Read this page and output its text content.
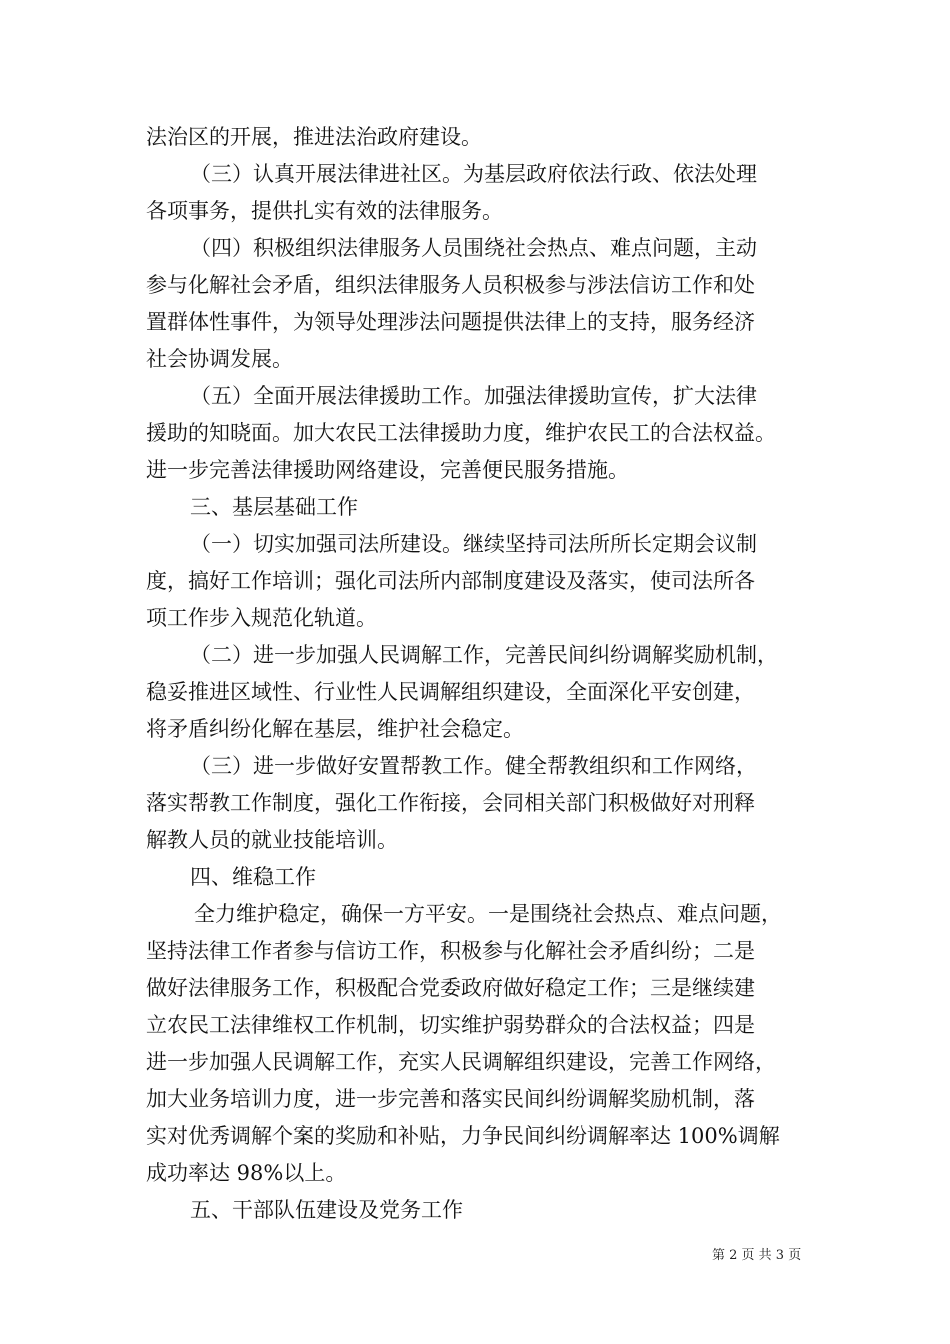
法治区的开展，推进法治政府建设。
（三）认真开展法律进社区。为基层政府依法行政、依法处理
各项事务，提供扎实有效的法律服务。
（四）积极组织法律服务人员围绕社会热点、难点问题，主动
参与化解社会矛盾，组织法律服务人员积极参与涉法信访工作和处
置群体性事件，为领导处理涉法问题提供法律上的支持，服务经济
社会协调发展。
（五）全面开展法律援助工作。加强法律援助宣传，扩大法律
援助的知晓面。加大农民工法律援助力度，维护农民工的合法权益。
进一步完善法律援助网络建设，完善便民服务措施。
三、基层基础工作
（一）切实加强司法所建设。继续坚持司法所所长定期会议制
度，搞好工作培训；强化司法所内部制度建设及落实，使司法所各
项工作步入规范化轨道。
（二）进一步加强人民调解工作，完善民间纠纷调解奖励机制，
稳妥推进区域性、行业性人民调解组织建设，全面深化平安创建，
将矛盾纠纷化解在基层，维护社会稳定。
（三）进一步做好安置帮教工作。健全帮教组织和工作网络，
落实帮教工作制度，强化工作衔接，会同相关部门积极做好对刑释
解教人员的就业技能培训。
四、维稳工作
全力维护稳定，确保一方平安。一是围绕社会热点、难点问题，
坚持法律工作者参与信访工作，积极参与化解社会矛盾纠纷；二是
做好法律服务工作，积极配合党委政府做好稳定工作；三是继续建
立农民工法律维权工作机制，切实维护弱势群众的合法权益；四是
进一步加强人民调解工作，充实人民调解组织建设，完善工作网络，
加大业务培训力度，进一步完善和落实民间纠纷调解奖励机制，落
实对优秀调解个案的奖励和补贴，力争民间纠纷调解率达 100%调解
成功率达 98%以上。
五、干部队伍建设及党务工作
第 2 页 共 3 页
